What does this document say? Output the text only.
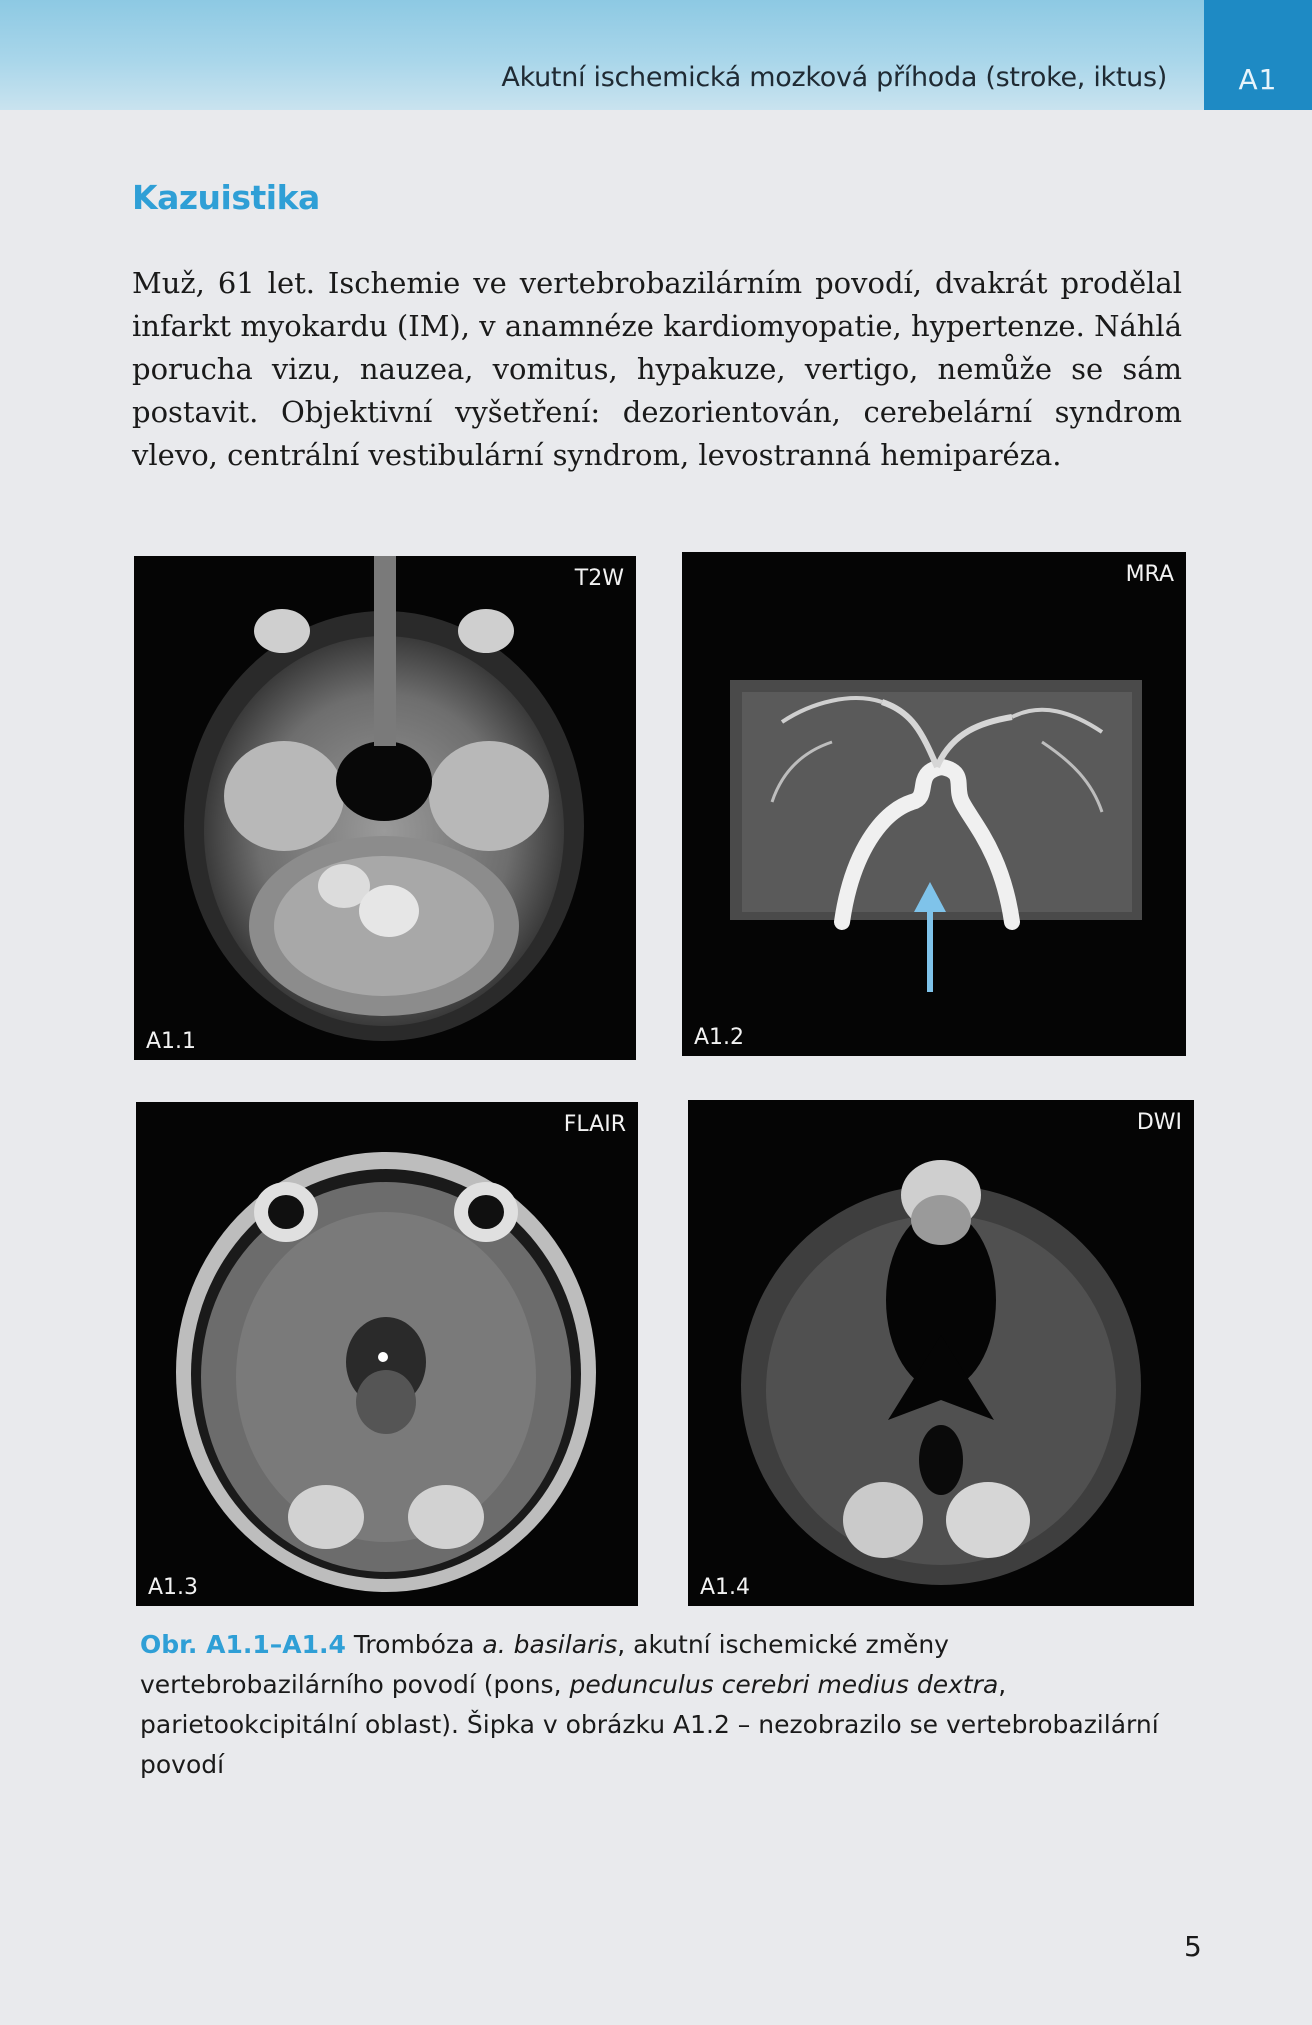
Akutní ischemická mozková příhoda (stroke, iktus)	A1
Kazuistika
Muž, 61 let. Ischemie ve vertebrobazilárním povodí, dvakrát prodělal infarkt myokardu (IM), v anamnéze kardiomyopatie, hypertenze. Náhlá porucha vizu, nauzea, vomitus, hypakuze, vertigo, nemůže se sám postavit. Objektivní vyšetření: dezorientován, cerebelární syndrom vlevo, centrální vestibulární syndrom, levostranná hemiparéza.
T2W
A1.1
MRA
A1.2
FLAIR
A1.3
DWI
A1.4
Obr. A1.1–A1.4 Trombóza a. basilaris, akutní ischemické změny vertebrobazilárního povodí (pons, pedunculus cerebri medius dextra, parietookcipitální oblast). Šipka v obrázku A1.2 – nezobrazilo se vertebrobazilární povodí
5
